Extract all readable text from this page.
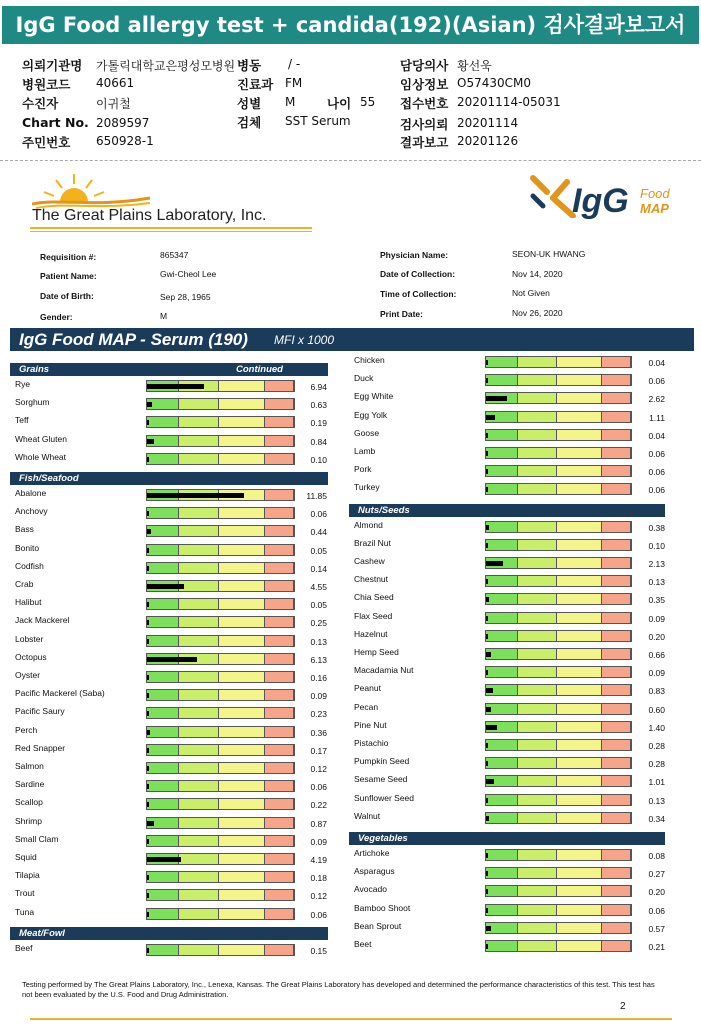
IgG Food allergy test + candida(192)(Asian) 검사결과보고서
의뢰기관명 가톨릭대학교은평성모병원
병원코드 40661
수진자	이귀철
Chart No. 2089597
주민번호 650928-1
병동 / -
진료과 FM
성별 M
검체 SST Serum
나이 55
담당의사 황선욱
임상정보 O57430CM0
접수번호 20201114-05031
검사의뢰 20201114
결과보고 20201126
The Great Plains Laboratory, Inc.	IgG Food
MAP
Requisition #:	865347
Patient Name:	Gwi-Cheol Lee
Date of Birth:	Sep 28, 1965
Gender:	M
Physician Name:	SEON-UK HWANG
Date of Collection:	Nov 14, 2020
Time of Collection:	Not Given
Print Date:	Nov 26, 2020
IgG Food MAP - Serum (190) MFI x 1000
Grains	Continued
Rye	6.94
Sorghum	0.63
Teff	0.19
Wheat Gluten	0.84
Whole Wheat	0.10
Fish/Seafood
Abalone	11.85
Anchovy	0.06
Bass	0.44
Bonito	0.05
Codfish	0.14
Crab	4.55
Halibut	0.05
Jack Mackerel	0.25
Lobster	0.13
Octopus	6.13
Oyster	0.16
Pacific Mackerel (Saba)	0.09
Pacific Saury	0.23
Perch	0.36
Red Snapper	0.17
Salmon	0.12
Sardine	0.06
Scallop	0.22
Shrimp	0.87
Small Clam	0.09
Squid	4.19
Tilapia	0.18
Trout	0.12
Tuna	0.06
Meat/Fowl
Beef	0.15
Chicken	0.04
Duck	0.06
Egg White	2.62
Egg Yolk	1.11
Goose	0.04
Lamb	0.06
Pork	0.06
Turkey	0.06
Nuts/Seeds
Almond	0.38
Brazil Nut	0.10
Cashew	2.13
Chestnut	0.13
Chia Seed	0.35
Flax Seed	0.09
Hazelnut	0.20
Hemp Seed	0.66
Macadamia Nut	0.09
Peanut	0.83
Pecan	0.60
Pine Nut	1.40
Pistachio	0.28
Pumpkin Seed	0.28
Sesame Seed	1.01
Sunflower Seed	0.13
Walnut	0.34
Vegetables
Artichoke	0.08
Asparagus	0.27
Avocado	0.20
Bamboo Shoot	0.06
Bean Sprout	0.57
Beet	0.21
Testing performed by The Great Plains Laboratory, Inc., Lenexa, Kansas. The Great Plains Laboratory has developed and determined the performance characteristics of this test. This test has not been evaluated by the U.S. Food and Drug Administration.
2
